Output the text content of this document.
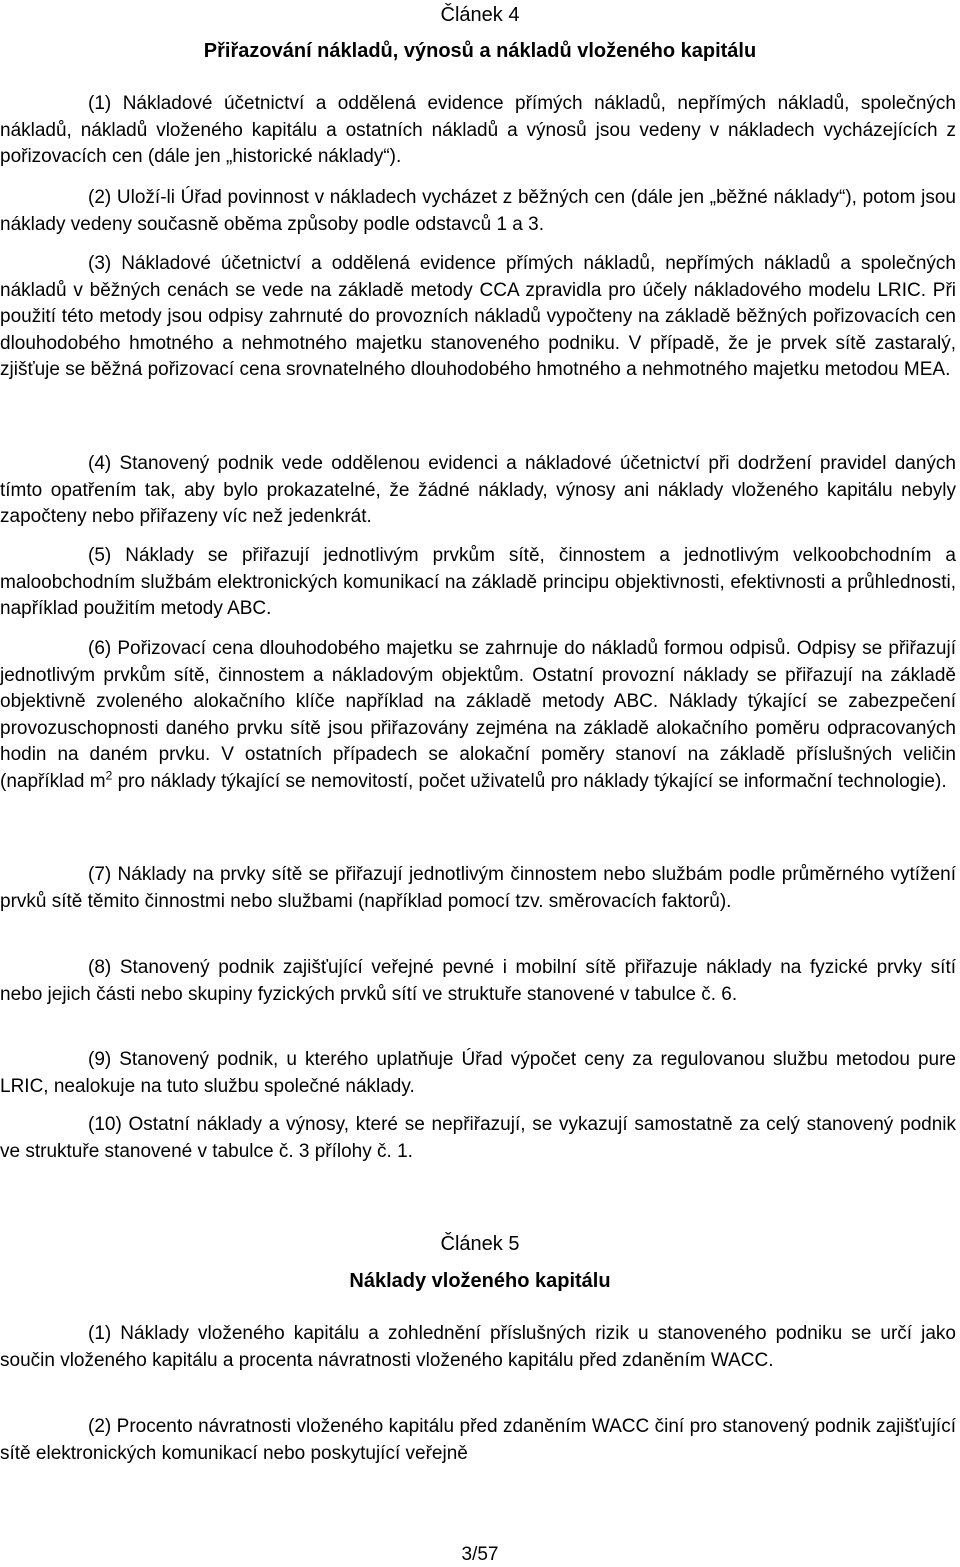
Článek 4
Přiřazování nákladů, výnosů a nákladů vloženého kapitálu

(1) Nákladové účetnictví a oddělená evidence přímých nákladů, nepřímých nákladů, společných nákladů, nákladů vloženého kapitálu a ostatních nákladů a výnosů jsou vedeny v nákladech vycházejících z pořizovacích cen (dále jen „historické náklady“).

(2) Uloží-li Úřad povinnost v nákladech vycházet z běžných cen (dále jen „běžné náklady“), potom jsou náklady vedeny současně oběma způsoby podle odstavců 1 a 3.

(3) Nákladové účetnictví a oddělená evidence přímých nákladů, nepřímých nákladů a společných nákladů v běžných cenách se vede na základě metody CCA zpravidla pro účely nákladového modelu LRIC. Při použití této metody jsou odpisy zahrnuté do provozních nákladů vypočteny na základě běžných pořizovacích cen dlouhodobého hmotného a nehmotného majetku stanoveného podniku. V případě, že je prvek sítě zastaralý, zjišťuje se běžná pořizovací cena srovnatelného dlouhodobého hmotného a nehmotného majetku metodou MEA.

(4) Stanovený podnik vede oddělenou evidenci a nákladové účetnictví při dodržení pravidel daných tímto opatřením tak, aby bylo prokazatelné, že žádné náklady, výnosy ani náklady vloženého kapitálu nebyly započteny nebo přiřazeny víc než jedenkrát.

(5) Náklady se přiřazují jednotlivým prvkům sítě, činnostem a jednotlivým velkoobchodním a maloobchodním službám elektronických komunikací na základě principu objektivnosti, efektivnosti a průhlednosti, například použitím metody ABC.

(6) Pořizovací cena dlouhodobého majetku se zahrnuje do nákladů formou odpisů. Odpisy se přiřazují jednotlivým prvkům sítě, činnostem a nákladovým objektům. Ostatní provozní náklady se přiřazují na základě objektivně zvoleného alokačního klíče například na základě metody ABC. Náklady týkající se zabezpečení provozuschopnosti daného prvku sítě jsou přiřazovány zejména na základě alokačního poměru odpracovaných hodin na daném prvku. V ostatních případech se alokační poměry stanoví na základě příslušných veličin (například $m^2$ pro náklady týkající se nemovitostí, počet uživatelů pro náklady týkající se informační technologie).

(7) Náklady na prvky sítě se přiřazují jednotlivým činnostem nebo službám podle průměrného vytížení prvků sítě těmito činnostmi nebo službami (například pomocí tzv. směrovacích faktorů).

(8) Stanovený podnik zajišťující veřejné pevné i mobilní sítě přiřazuje náklady na fyzické prvky sítí nebo jejich části nebo skupiny fyzických prvků sítí ve struktuře stanovené v tabulce č. 6.

(9) Stanovený podnik, u kterého uplatňuje Úřad výpočet ceny za regulovanou službu metodou pure LRIC, nealokuje na tuto službu společné náklady.

(10) Ostatní náklady a výnosy, které se nepřiřazují, se vykazují samostatně za celý stanovený podnik ve struktuře stanovené v tabulce č. 3 přílohy č. 1.

Článek 5
Náklady vloženého kapitálu

(1) Náklady vloženého kapitálu a zohlednění příslušných rizik u stanoveného podniku se určí jako součin vloženého kapitálu a procenta návratnosti vloženého kapitálu před zdaněním WACC.

(2) Procento návratnosti vloženého kapitálu před zdaněním WACC činí pro stanovený podnik zajišťující sítě elektronických komunikací nebo poskytující veřejně

3/57
